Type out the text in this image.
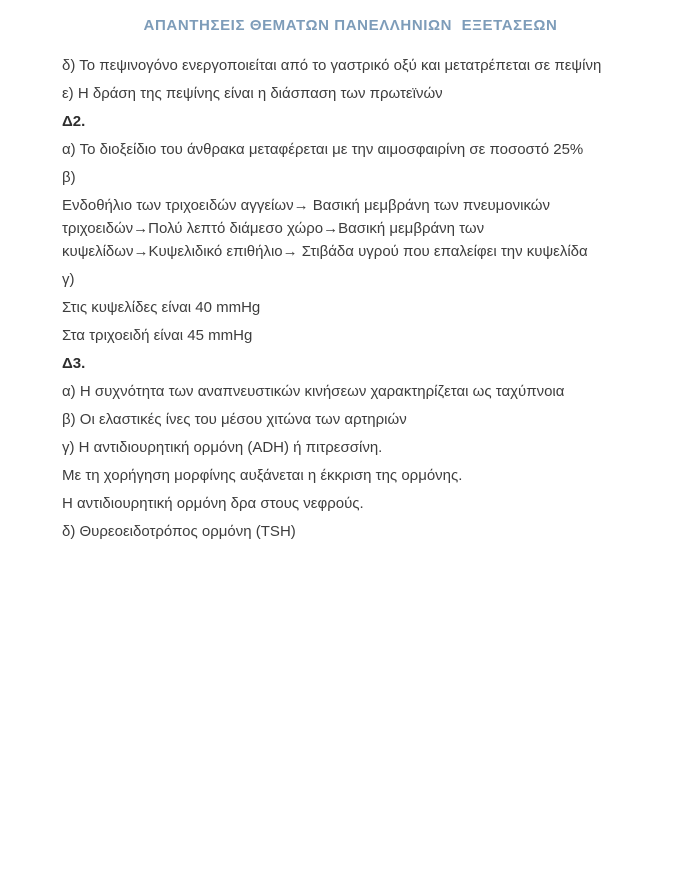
ΑΠΑΝΤΗΣΕΙΣ ΘΕΜΑΤΩΝ ΠΑΝΕΛΛΗΝΙΩΝ  ΕΞΕΤΑΣΕΩΝ

δ) Το πεψινογόνο ενεργοποιείται από το γαστρικό οξύ και μετατρέπεται σε πεψίνη

ε) Η δράση της πεψίνης είναι η διάσπαση των πρωτεϊνών

Δ2.

α) Το διοξείδιο του άνθρακα μεταφέρεται με την αιμοσφαιρίνη σε ποσοστό 25%

β)

Ενδοθήλιο των τριχοειδών αγγείων→ Βασική μεμβράνη των πνευμονικών τριχοειδών→Πολύ λεπτό διάμεσο χώρο→Βασική μεμβράνη των κυψελίδων→Κυψελιδικό επιθήλιο→ Στιβάδα υγρού που επαλείφει την κυψελίδα

γ)

Στις κυψελίδες είναι 40 mmHg

Στα τριχοειδή είναι 45 mmHg

Δ3.

α) Η συχνότητα των αναπνευστικών κινήσεων χαρακτηρίζεται ως ταχύπνοια

β) Οι ελαστικές ίνες του μέσου χιτώνα των αρτηριών

γ) Η αντιδιουρητική ορμόνη (ADH) ή πιτρεσσίνη.

Με τη χορήγηση μορφίνης αυξάνεται η έκκριση της ορμόνης.

Η αντιδιουρητική ορμόνη δρα στους νεφρούς.

δ) Θυρεοειδοτρόπος ορμόνη (TSH)
